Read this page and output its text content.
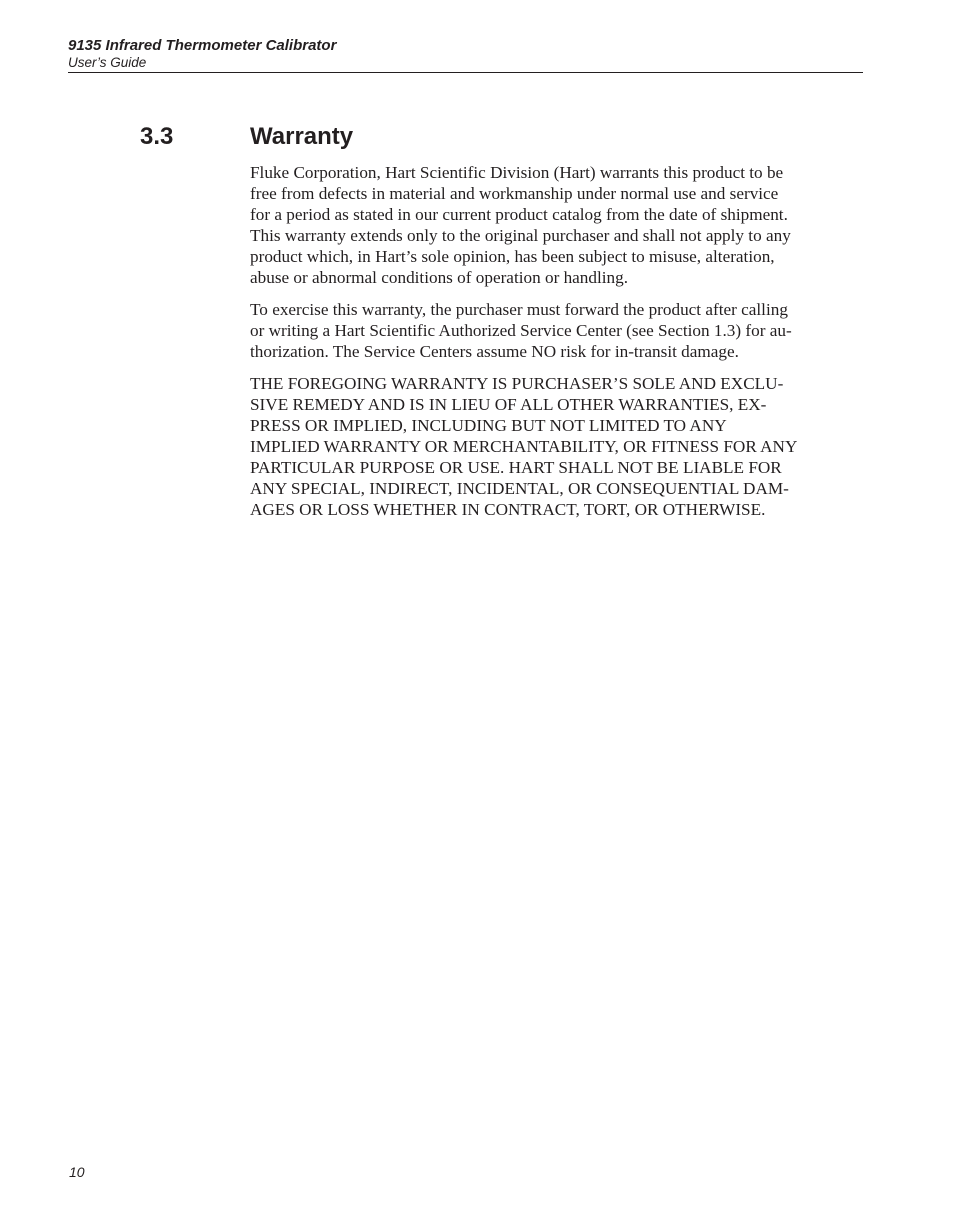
9135 Infrared Thermometer Calibrator
User’s Guide
3.3	Warranty

Fluke Corporation, Hart Scientific Division (Hart) warrants this product to be
free from defects in material and workmanship under normal use and service
for a period as stated in our current product catalog from the date of shipment.
This warranty extends only to the original purchaser and shall not apply to any
product which, in Hart’s sole opinion, has been subject to misuse, alteration,
abuse or abnormal conditions of operation or handling.

To exercise this warranty, the purchaser must forward the product after calling
or writing a Hart Scientific Authorized Service Center (see Section 1.3) for au-
thorization. The Service Centers assume NO risk for in-transit damage.

THE FOREGOING WARRANTY IS PURCHASER’S SOLE AND EXCLU-
SIVE REMEDY AND IS IN LIEU OF ALL OTHER WARRANTIES, EX-
PRESS OR IMPLIED, INCLUDING BUT NOT LIMITED TO ANY
IMPLIED WARRANTY OR MERCHANTABILITY, OR FITNESS FOR ANY
PARTICULAR PURPOSE OR USE. HART SHALL NOT BE LIABLE FOR
ANY SPECIAL, INDIRECT, INCIDENTAL, OR CONSEQUENTIAL DAM-
AGES OR LOSS WHETHER IN CONTRACT, TORT, OR OTHERWISE.

10
